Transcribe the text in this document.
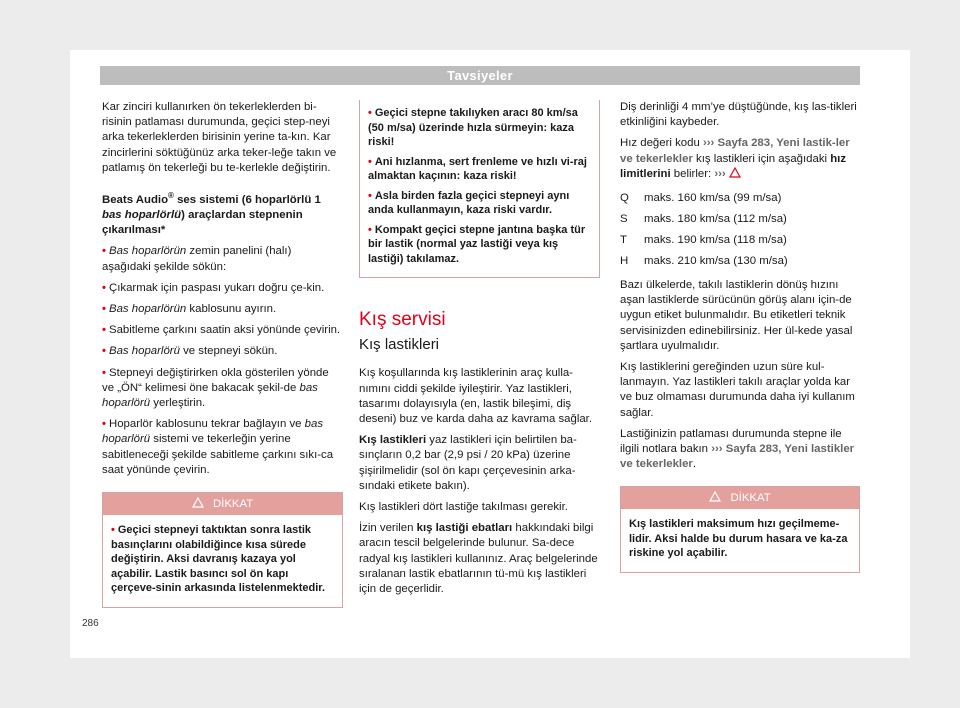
Tavsiyeler

Kar zinciri kullanırken ön tekerleklerden bi-risinin patlaması durumunda, geçici step-neyi arka tekerleklerden birisinin yerine ta-kın. Kar zincirlerini söktüğünüz arka teker-leğe takın ve patlamış ön tekerleği bu te-kerlekle değiştirin.

Beats Audio® ses sistemi (6 hoparlörlü 1 bas hoparlörlü) araçlardan stepnenin çıkarılması*

• Bas hoparlörün zemin panelini (halı) aşağıdaki şekilde sökün:

• Çıkarmak için paspası yukarı doğru çe-kin.

• Bas hoparlörün kablosunu ayırın.

• Sabitleme çarkını saatin aksi yönünde çevirin.

• Bas hoparlörü ve stepneyi sökün.

• Stepneyi değiştirirken okla gösterilen yönde ve „ÖN“ kelimesi öne bakacak şekil-de bas hoparlörü yerleştirin.

• Hoparlör kablosunu tekrar bağlayın ve bas hoparlörü sistemi ve tekerleğin yerine sabitleneceği şekilde sabitleme çarkını sıkı-ca saat yönünde çevirin.

DİKKAT

• Geçici stepneyi taktıktan sonra lastik basınçlarını olabildiğince kısa sürede değiştirin. Aksi davranış kazaya yol açabilir. Lastik basıncı sol ön kapı çerçeve-sinin arkasında listelenmektedir.

• Geçici stepne takılıyken aracı 80 km/sa (50 m/sa) üzerinde hızla sürmeyin: kaza riski!

• Ani hızlanma, sert frenleme ve hızlı vi-raj almaktan kaçının: kaza riski!

• Asla birden fazla geçici stepneyi aynı anda kullanmayın, kaza riski vardır.

• Kompakt geçici stepne jantına başka tür bir lastik (normal yaz lastiği veya kış lastiği) takılamaz.

Kış servisi
Kış lastikleri

Kış koşullarında kış lastiklerinin araç kulla-nımını ciddi şekilde iyileştirir. Yaz lastikleri, tasarımı dolayısıyla (en, lastik bileşimi, diş deseni) buz ve karda daha az kavrama sağlar.

Kış lastikleri yaz lastikleri için belirtilen ba-sınçların 0,2 bar (2,9 psi / 20 kPa) üzerine şişirilmelidir (sol ön kapı çerçevesinin arka-sındaki etikete bakın).

Kış lastikleri dört lastiğe takılması gerekir.

İzin verilen kış lastiği ebatları hakkındaki bilgi aracın tescil belgelerinde bulunur. Sa-dece radyal kış lastikleri kullanınız. Araç belgelerinde sıralanan lastik ebatlarının tü-mü kış lastikleri için de geçerlidir.

Diş derinliği 4 mm’ye düştüğünde, kış las-tikleri etkinliğini kaybeder.

Hız değeri kodu ››› Sayfa 283, Yeni lastik-ler ve tekerlekler kış lastikleri için aşağıdaki hız limitlerini belirler: ›››

Q	maks. 160 km/sa (99 m/sa)
S	maks. 180 km/sa (112 m/sa)
T	maks. 190 km/sa (118 m/sa)
H	maks. 210 km/sa (130 m/sa)

Bazı ülkelerde, takılı lastiklerin dönüş hızını aşan lastiklerde sürücünün görüş alanı için-de uygun etiket bulunmalıdır. Bu etiketleri teknik servisinizden edinebilirsiniz. Her ül-kede yasal şartlara uyulmalıdır.

Kış lastiklerini gereğinden uzun süre kul-lanmayın. Yaz lastikleri takılı araçlar yolda kar ve buz olmaması durumunda daha iyi kullanım sağlar.

Lastiğinizin patlaması durumunda stepne ile ilgili notlara bakın ››› Sayfa 283, Yeni lastikler ve tekerlekler.

DİKKAT

Kış lastikleri maksimum hızı geçilmeme-lidir. Aksi halde bu durum hasara ve ka-za riskine yol açabilir.

286
